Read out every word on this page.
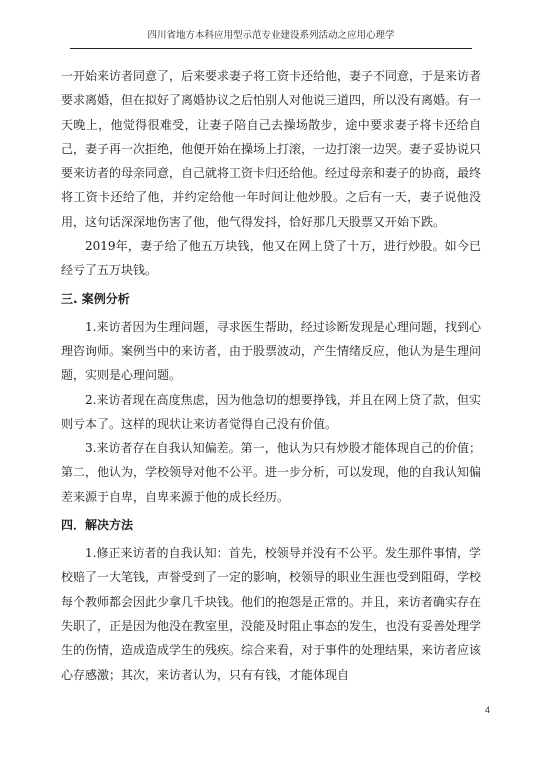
四川省地方本科应用型示范专业建设系列活动之应用心理学

一开始来访者同意了，后来要求妻子将工资卡还给他，妻子不同意，于是来访者要求离婚，但在拟好了离婚协议之后怕别人对他说三道四，所以没有离婚。有一天晚上，他觉得很难受，让妻子陪自己去操场散步，途中要求妻子将卡还给自己，妻子再一次拒绝，他便开始在操场上打滚，一边打滚一边哭。妻子妥协说只要来访者的母亲同意，自己就将工资卡归还给他。经过母亲和妻子的协商，最终将工资卡还给了他，并约定给他一年时间让他炒股。之后有一天，妻子说他没用，这句话深深地伤害了他，他气得发抖，恰好那几天股票又开始下跌。

2019年，妻子给了他五万块钱，他又在网上贷了十万，进行炒股。如今已经亏了五万块钱。

三. 案例分析

1.来访者因为生理问题，寻求医生帮助，经过诊断发现是心理问题，找到心理咨询师。案例当中的来访者，由于股票波动，产生情绪反应，他认为是生理问题，实则是心理问题。

2.来访者现在高度焦虑，因为他急切的想要挣钱，并且在网上贷了款，但实则亏本了。这样的现状让来访者觉得自己没有价值。

3.来访者存在自我认知偏差。第一，他认为只有炒股才能体现自己的价值；第二，他认为，学校领导对他不公平。进一步分析，可以发现，他的自我认知偏差来源于自卑，自卑来源于他的成长经历。

四．解决方法

1.修正来访者的自我认知：首先，校领导并没有不公平。发生那件事情，学校赔了一大笔钱，声誉受到了一定的影响，校领导的职业生涯也受到阻碍，学校每个教师都会因此少拿几千块钱。他们的抱怨是正常的。并且，来访者确实存在失职了，正是因为他没在教室里，没能及时阻止事态的发生，也没有妥善处理学生的伤情，造成造成学生的残疾。综合来看，对于事件的处理结果，来访者应该心存感激；其次，来访者认为，只有有钱，才能体现自

4
